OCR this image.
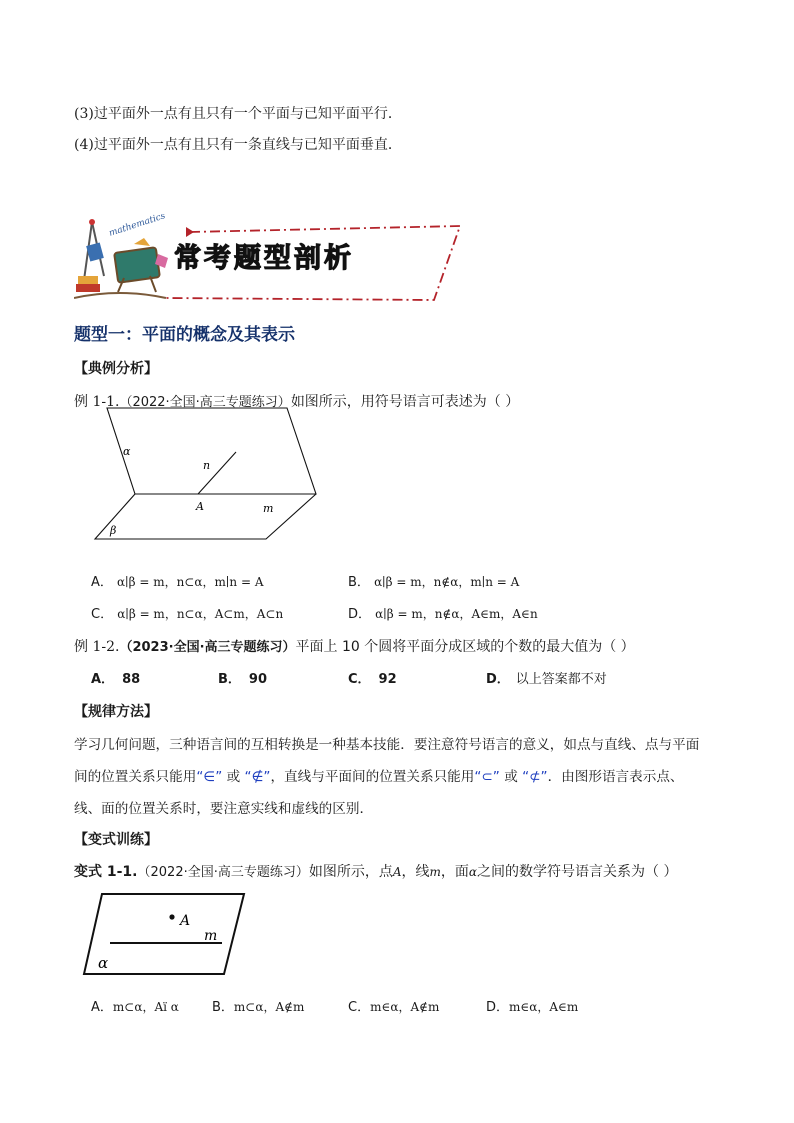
(3)过平面外一点有且只有一个平面与已知平面平行．
(4)过平面外一点有且只有一条直线与已知平面垂直．
mathematics
常考题型剖析
题型一：平面的概念及其表示
【典例分析】
例 1-1.（2022·全国·高三专题练习）如图所示，用符号语言可表述为（ ）
α
n
A	m
β
A． α∣β = m，n⊂α，m∣n = A	B． α∣β = m，n∉α，m∣n = A
C． α∣β = m，n⊂α，A⊂m，A⊂n	D． α∣β = m，n∉α，A∈m，A∈n
例 1-2.（2023·全国·高三专题练习）平面上 10 个圆将平面分成区域的个数的最大值为（ ）
A． 88	B． 90	C． 92	D． 以上答案都不对
【规律方法】
学习几何问题，三种语言间的互相转换是一种基本技能．要注意符号语言的意义，如点与直线、点与平面
间的位置关系只能用“∈” 或 “∉”，直线与平面间的位置关系只能用“⊂” 或 “⊄”．由图形语言表示点、
线、面的位置关系时，要注意实线和虚线的区别．
【变式训练】
变式 1-1.（2022·全国·高三专题练习）如图所示，点A，线m，面α之间的数学符号语言关系为（ ）
A
m
α
A．m⊂α，Aï α	B．m⊂α，A∉m	C．m∈α，A∉m	D．m∈α，A∈m
